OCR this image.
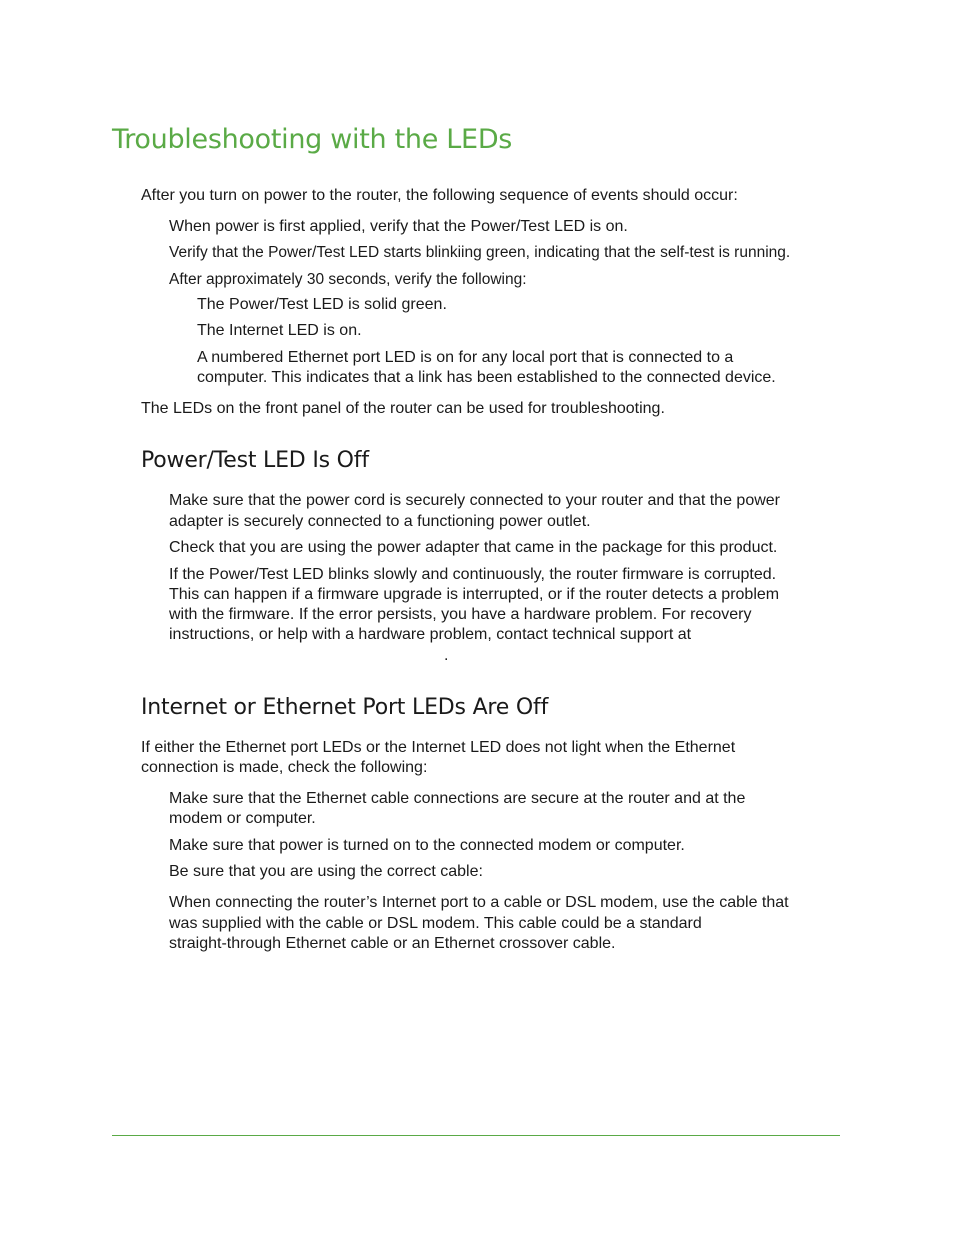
Troubleshooting with the LEDs

After you turn on power to the router, the following sequence of events should occur:

When power is first applied, verify that the Power/Test LED is on.

Verify that the Power/Test LED starts blinkiing green, indicating that the self-test is running.

After approximately 30 seconds, verify the following:

The Power/Test LED is solid green.

The Internet LED is on.

A numbered Ethernet port LED is on for any local port that is connected to a

computer. This indicates that a link has been established to the connected device.

The LEDs on the front panel of the router can be used for troubleshooting.

Power/Test LED Is Off

Make sure that the power cord is securely connected to your router and that the power

adapter is securely connected to a functioning power outlet.

Check that you are using the power adapter that came in the package for this product.

If the Power/Test LED blinks slowly and continuously, the router firmware is corrupted.

This can happen if a firmware upgrade is interrupted, or if the router detects a problem

with the firmware. If the error persists, you have a hardware problem. For recovery

instructions, or help with a hardware problem, contact technical support at

.

Internet or Ethernet Port LEDs Are Off

If either the Ethernet port LEDs or the Internet LED does not light when the Ethernet

connection is made, check the following:

Make sure that the Ethernet cable connections are secure at the router and at the

modem or computer.

Make sure that power is turned on to the connected modem or computer.

Be sure that you are using the correct cable:

When connecting the router’s Internet port to a cable or DSL modem, use the cable that

was supplied with the cable or DSL modem. This cable could be a standard

straight-through Ethernet cable or an Ethernet crossover cable.
